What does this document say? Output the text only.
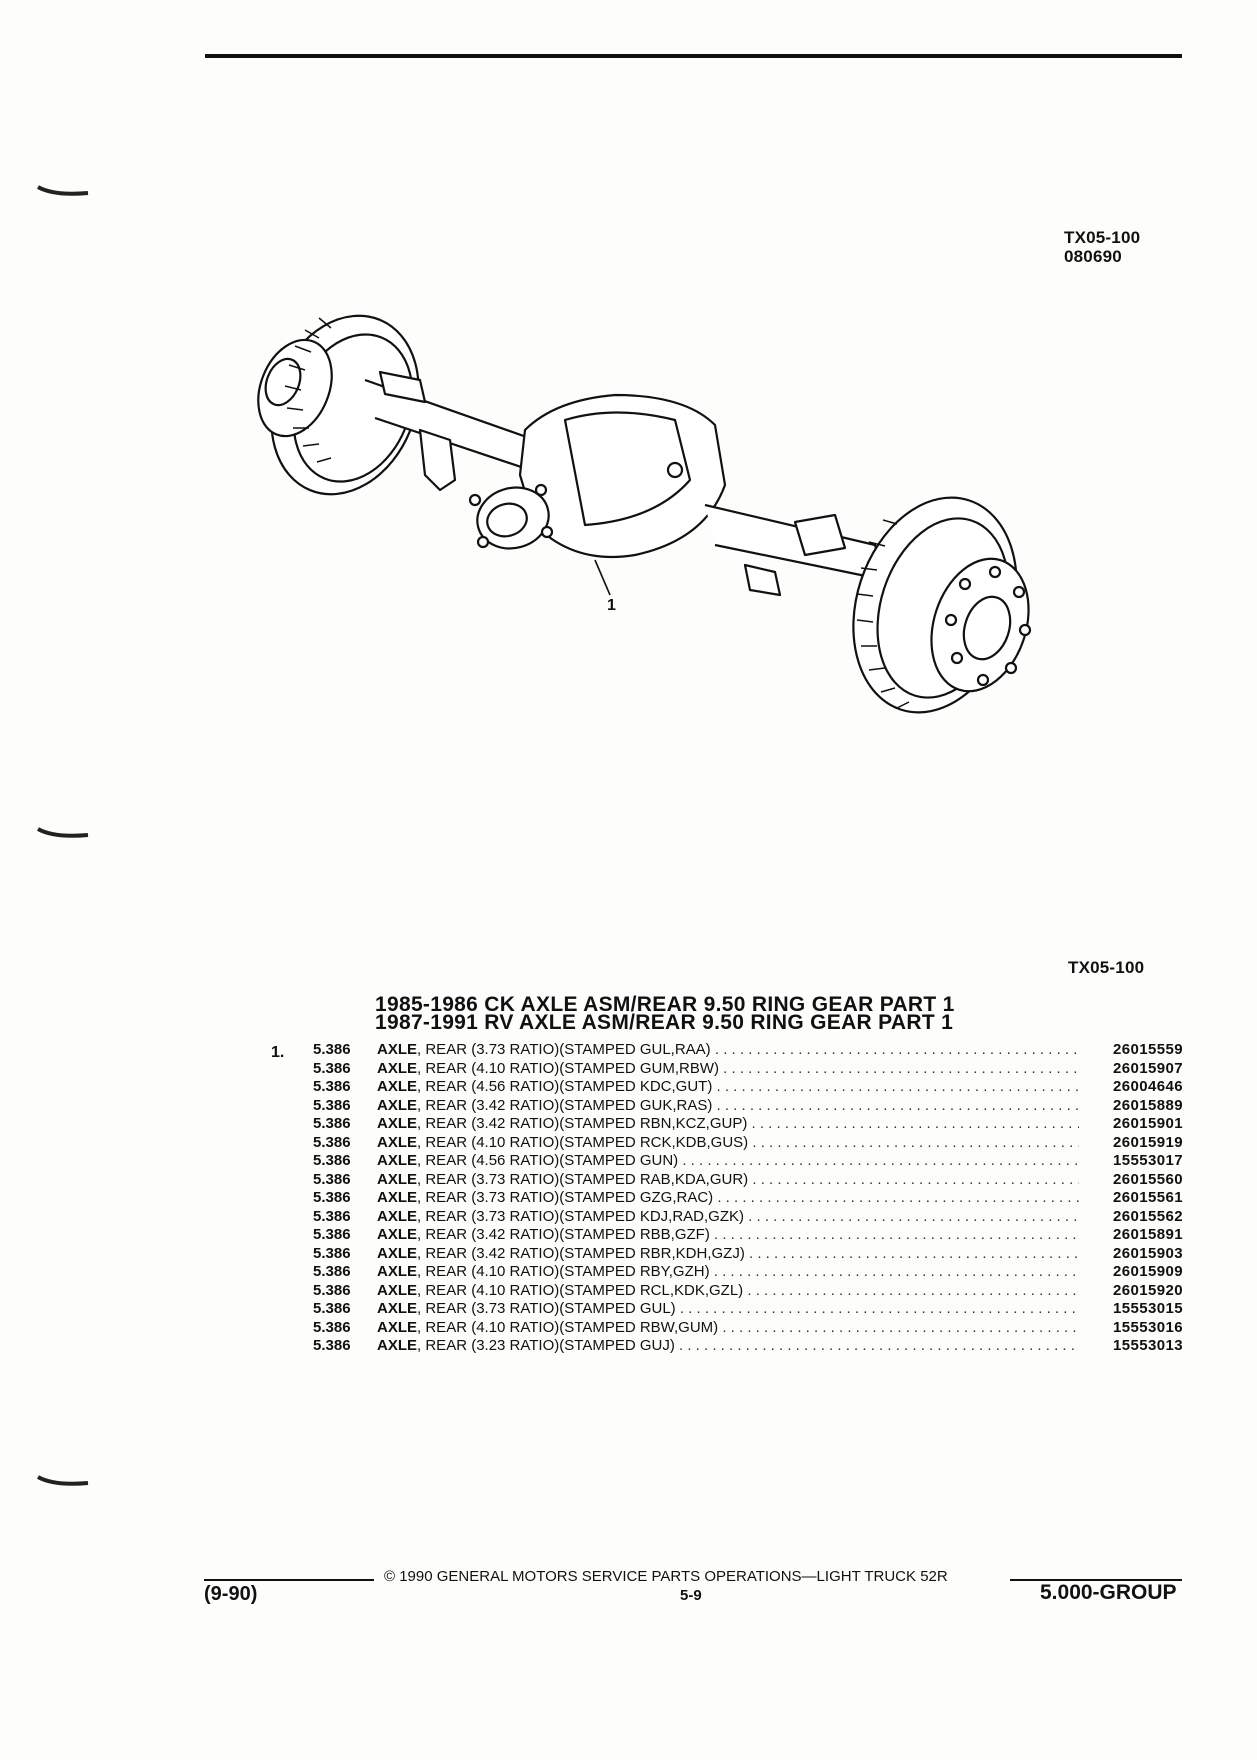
TX05-100
080690
1
TX05-100
1985-1986 CK AXLE ASM/REAR 9.50 RING GEAR PART 1
1987-1991 RV AXLE ASM/REAR 9.50 RING GEAR PART 1
1. 5.386	AXLE , REAR (3.73 RATIO)(STAMPED GUL,RAA) . . .	26015559
5.386	AXLE , REAR (4.10 RATIO)(STAMPED GUM,RBW) . . .	26015907
5.386	AXLE , REAR (4.56 RATIO)(STAMPED KDC,GUT) . . .	26004646
5.386	AXLE , REAR (3.42 RATIO)(STAMPED GUK,RAS) . . .	26015889
5.386	AXLE , REAR (3.42 RATIO)(STAMPED RBN,KCZ,GUP) . . .	26015901
5.386	AXLE , REAR (4.10 RATIO)(STAMPED RCK,KDB,GUS) . . .	26015919
5.386	AXLE , REAR (4.56 RATIO)(STAMPED GUN) . . .	15553017
5.386	AXLE , REAR (3.73 RATIO)(STAMPED RAB,KDA,GUR) . . .	26015560
5.386	AXLE , REAR (3.73 RATIO)(STAMPED GZG,RAC) . . .	26015561
5.386	AXLE , REAR (3.73 RATIO)(STAMPED KDJ,RAD,GZK) . . .	26015562
5.386	AXLE , REAR (3.42 RATIO)(STAMPED RBB,GZF) . . .	26015891
5.386	AXLE , REAR (3.42 RATIO)(STAMPED RBR,KDH,GZJ) . . .	26015903
5.386	AXLE , REAR (4.10 RATIO)(STAMPED RBY,GZH) . . .	26015909
5.386	AXLE , REAR (4.10 RATIO)(STAMPED RCL,KDK,GZL) . . .	26015920
5.386	AXLE , REAR (3.73 RATIO)(STAMPED GUL) . . .	15553015
5.386	AXLE , REAR (4.10 RATIO)(STAMPED RBW,GUM) . . .	15553016
5.386	AXLE , REAR (3.23 RATIO)(STAMPED GUJ) . . .	15553013
© 1990 GENERAL MOTORS SERVICE PARTS OPERATIONS—LIGHT TRUCK 52R
(9-90)	5-9	5.000-GROUP
